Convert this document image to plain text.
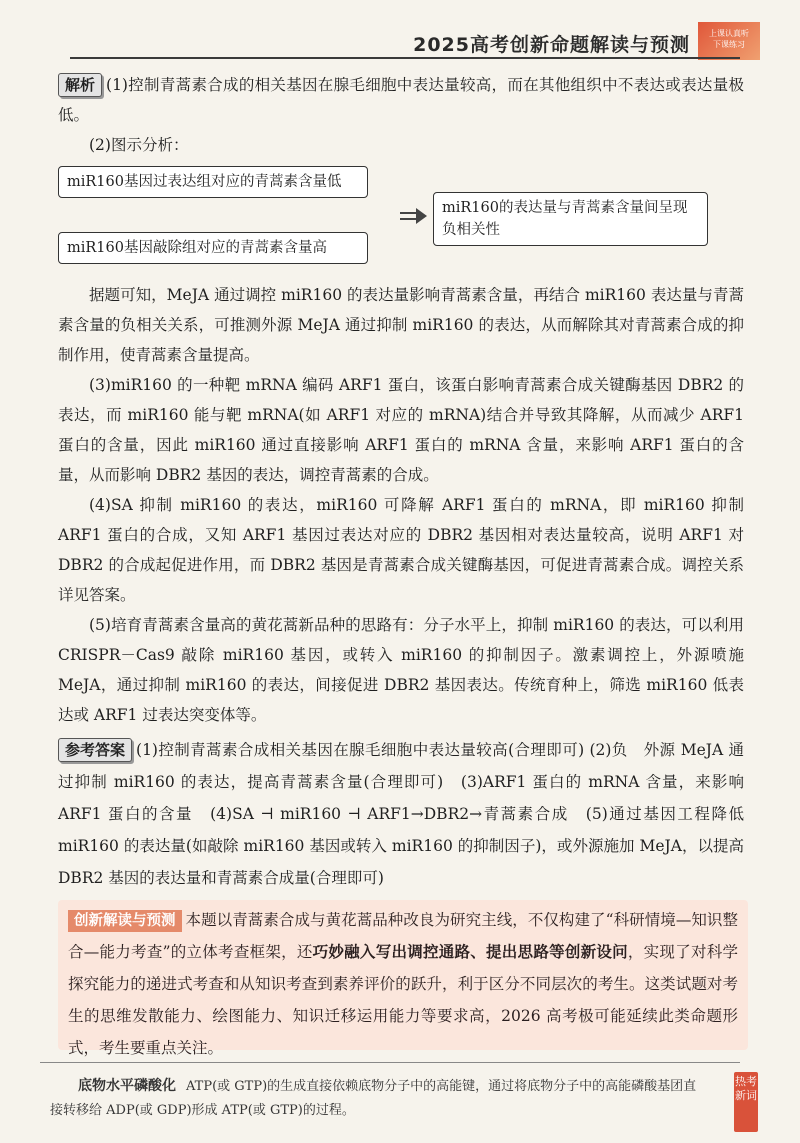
2025高考创新命题解读与预测
上课认真听
下课练习

解析 (1)控制青蒿素合成的相关基因在腺毛细胞中表达量较高，而在其他组织中不表达或表达量极低。

(2)图示分析：

miR160基因过表达组对应的青蒿素含量低
miR160基因敲除组对应的青蒿素含量高
miR160的表达量与青蒿素含量间呈现负相关性

据题可知，MeJA 通过调控 miR160 的表达量影响青蒿素含量，再结合 miR160 表达量与青蒿素含量的负相关关系，可推测外源 MeJA 通过抑制 miR160 的表达，从而解除其对青蒿素合成的抑制作用，使青蒿素含量提高。

(3)miR160 的一种靶 mRNA 编码 ARF1 蛋白，该蛋白影响青蒿素合成关键酶基因 DBR2 的表达，而 miR160 能与靶 mRNA(如 ARF1 对应的 mRNA)结合并导致其降解，从而减少 ARF1 蛋白的含量，因此 miR160 通过直接影响 ARF1 蛋白的 mRNA 含量，来影响 ARF1 蛋白的含量，从而影响 DBR2 基因的表达，调控青蒿素的合成。

(4)SA 抑制 miR160 的表达，miR160 可降解 ARF1 蛋白的 mRNA，即 miR160 抑制 ARF1 蛋白的合成，又知 ARF1 基因过表达对应的 DBR2 基因相对表达量较高，说明 ARF1 对 DBR2 的合成起促进作用，而 DBR2 基因是青蒿素合成关键酶基因，可促进青蒿素合成。调控关系详见答案。

(5)培育青蒿素含量高的黄花蒿新品种的思路有：分子水平上，抑制 miR160 的表达，可以利用 CRISPR－Cas9 敲除 miR160 基因，或转入 miR160 的抑制因子。激素调控上，外源喷施 MeJA，通过抑制 miR160 的表达，间接促进 DBR2 基因表达。传统育种上，筛选 miR160 低表达或 ARF1 过表达突变体等。

参考答案 (1)控制青蒿素合成相关基因在腺毛细胞中表达量较高(合理即可) (2)负　外源 MeJA 通过抑制 miR160 的表达，提高青蒿素含量(合理即可)　(3)ARF1 蛋白的 mRNA 含量，来影响 ARF1 蛋白的含量　(4)SA ⊣ miR160 ⊣ ARF1→DBR2→青蒿素合成　(5)通过基因工程降低 miR160 的表达量(如敲除 miR160 基因或转入 miR160 的抑制因子)，或外源施加 MeJA，以提高 DBR2 基因的表达量和青蒿素合成量(合理即可)

创新解读与预测 本题以青蒿素合成与黄花蒿品种改良为研究主线，不仅构建了“科研情境—知识整合—能力考查”的立体考查框架，还巧妙融入写出调控通路、提出思路等创新设问，实现了对科学探究能力的递进式考查和从知识考查到素养评价的跃升，利于区分不同层次的考生。这类试题对考生的思维发散能力、绘图能力、知识迁移运用能力等要求高，2026 高考极可能延续此类命题形式，考生要重点关注。

底物水平磷酸化 ATP(或 GTP)的生成直接依赖底物分子中的高能键，通过将底物分子中的高能磷酸基团直接转移给 ADP(或 GDP)形成 ATP(或 GTP)的过程。
热考新词
